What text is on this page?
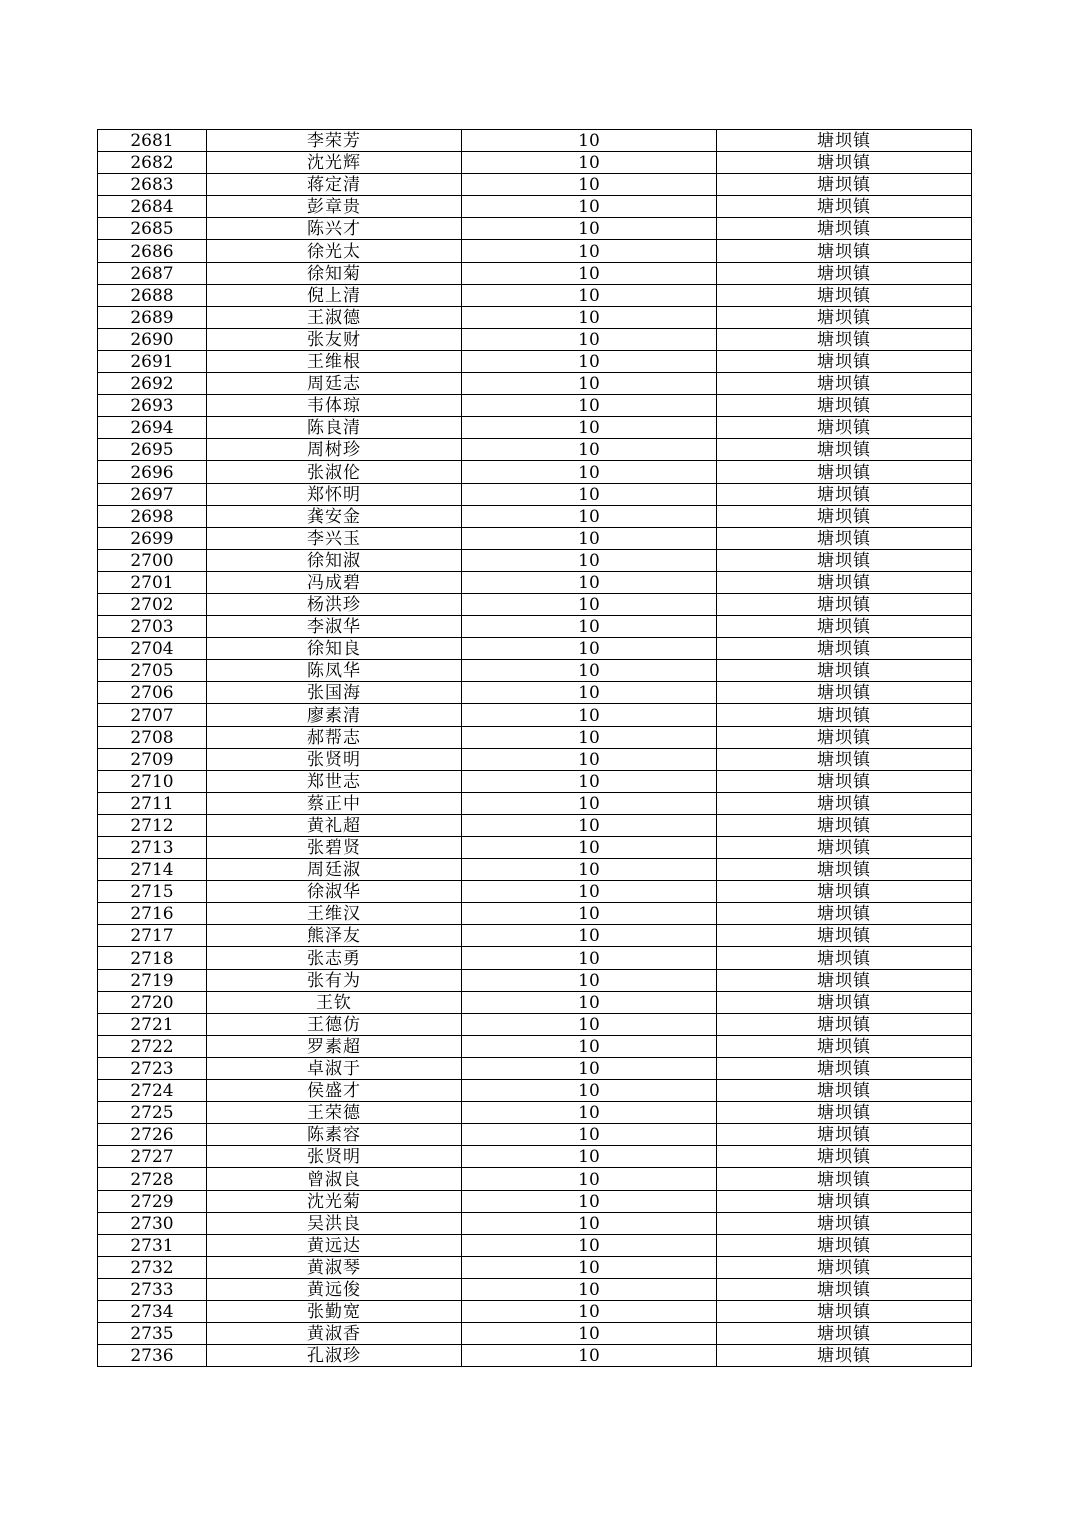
2681	李荣芳	10	塘坝镇
2682	沈光辉	10	塘坝镇
2683	蒋定清	10	塘坝镇
2684	彭章贵	10	塘坝镇
2685	陈兴才	10	塘坝镇
2686	徐光太	10	塘坝镇
2687	徐知菊	10	塘坝镇
2688	倪上清	10	塘坝镇
2689	王淑德	10	塘坝镇
2690	张友财	10	塘坝镇
2691	王维根	10	塘坝镇
2692	周廷志	10	塘坝镇
2693	韦体琼	10	塘坝镇
2694	陈良清	10	塘坝镇
2695	周树珍	10	塘坝镇
2696	张淑伦	10	塘坝镇
2697	郑怀明	10	塘坝镇
2698	龚安金	10	塘坝镇
2699	李兴玉	10	塘坝镇
2700	徐知淑	10	塘坝镇
2701	冯成碧	10	塘坝镇
2702	杨洪珍	10	塘坝镇
2703	李淑华	10	塘坝镇
2704	徐知良	10	塘坝镇
2705	陈凤华	10	塘坝镇
2706	张国海	10	塘坝镇
2707	廖素清	10	塘坝镇
2708	郝帮志	10	塘坝镇
2709	张贤明	10	塘坝镇
2710	郑世志	10	塘坝镇
2711	蔡正中	10	塘坝镇
2712	黄礼超	10	塘坝镇
2713	张碧贤	10	塘坝镇
2714	周廷淑	10	塘坝镇
2715	徐淑华	10	塘坝镇
2716	王维汉	10	塘坝镇
2717	熊泽友	10	塘坝镇
2718	张志勇	10	塘坝镇
2719	张有为	10	塘坝镇
2720	王钦	10	塘坝镇
2721	王德仿	10	塘坝镇
2722	罗素超	10	塘坝镇
2723	卓淑于	10	塘坝镇
2724	侯盛才	10	塘坝镇
2725	王荣德	10	塘坝镇
2726	陈素容	10	塘坝镇
2727	张贤明	10	塘坝镇
2728	曾淑良	10	塘坝镇
2729	沈光菊	10	塘坝镇
2730	吴洪良	10	塘坝镇
2731	黄远达	10	塘坝镇
2732	黄淑琴	10	塘坝镇
2733	黄远俊	10	塘坝镇
2734	张勤宽	10	塘坝镇
2735	黄淑香	10	塘坝镇
2736	孔淑珍	10	塘坝镇
